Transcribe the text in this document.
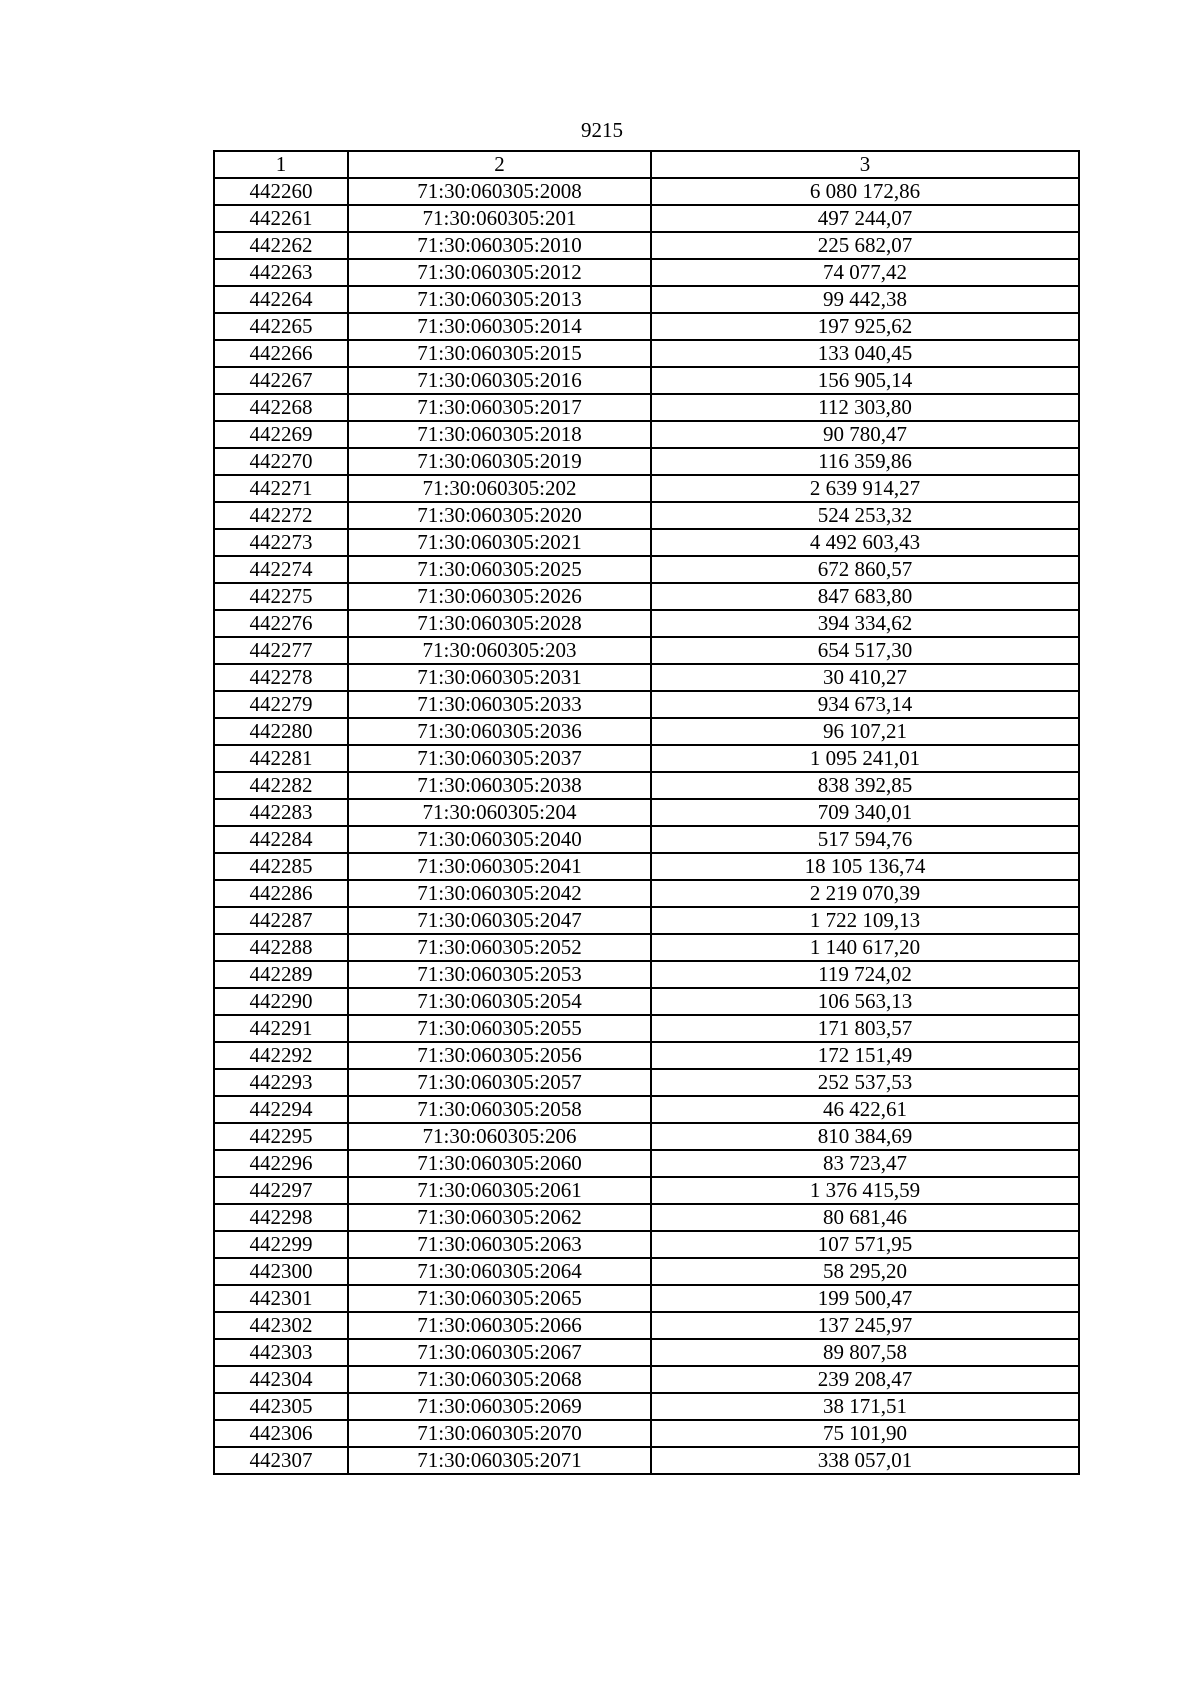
9215
1	2	3
442260	71:30:060305:2008	6 080 172,86
442261	71:30:060305:201	497 244,07
442262	71:30:060305:2010	225 682,07
442263	71:30:060305:2012	74 077,42
442264	71:30:060305:2013	99 442,38
442265	71:30:060305:2014	197 925,62
442266	71:30:060305:2015	133 040,45
442267	71:30:060305:2016	156 905,14
442268	71:30:060305:2017	112 303,80
442269	71:30:060305:2018	90 780,47
442270	71:30:060305:2019	116 359,86
442271	71:30:060305:202	2 639 914,27
442272	71:30:060305:2020	524 253,32
442273	71:30:060305:2021	4 492 603,43
442274	71:30:060305:2025	672 860,57
442275	71:30:060305:2026	847 683,80
442276	71:30:060305:2028	394 334,62
442277	71:30:060305:203	654 517,30
442278	71:30:060305:2031	30 410,27
442279	71:30:060305:2033	934 673,14
442280	71:30:060305:2036	96 107,21
442281	71:30:060305:2037	1 095 241,01
442282	71:30:060305:2038	838 392,85
442283	71:30:060305:204	709 340,01
442284	71:30:060305:2040	517 594,76
442285	71:30:060305:2041	18 105 136,74
442286	71:30:060305:2042	2 219 070,39
442287	71:30:060305:2047	1 722 109,13
442288	71:30:060305:2052	1 140 617,20
442289	71:30:060305:2053	119 724,02
442290	71:30:060305:2054	106 563,13
442291	71:30:060305:2055	171 803,57
442292	71:30:060305:2056	172 151,49
442293	71:30:060305:2057	252 537,53
442294	71:30:060305:2058	46 422,61
442295	71:30:060305:206	810 384,69
442296	71:30:060305:2060	83 723,47
442297	71:30:060305:2061	1 376 415,59
442298	71:30:060305:2062	80 681,46
442299	71:30:060305:2063	107 571,95
442300	71:30:060305:2064	58 295,20
442301	71:30:060305:2065	199 500,47
442302	71:30:060305:2066	137 245,97
442303	71:30:060305:2067	89 807,58
442304	71:30:060305:2068	239 208,47
442305	71:30:060305:2069	38 171,51
442306	71:30:060305:2070	75 101,90
442307	71:30:060305:2071	338 057,01
